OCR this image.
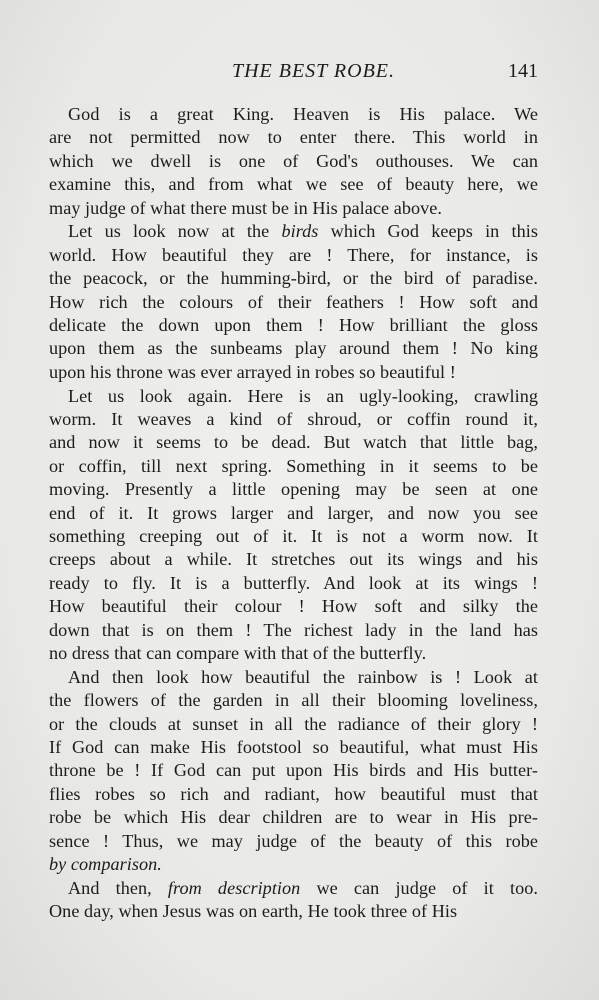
THE BEST ROBE.	141
God is a great King. Heaven is His palace. We
are not permitted now to enter there. This world in
which we dwell is one of God's outhouses. We can
examine this, and from what we see of beauty here, we
may judge of what there must be in His palace above.
Let us look now at the birds which God keeps in this
world. How beautiful they are ! There, for instance, is
the peacock, or the humming-bird, or the bird of paradise.
How rich the colours of their feathers ! How soft and
delicate the down upon them ! How brilliant the gloss
upon them as the sunbeams play around them ! No king
upon his throne was ever arrayed in robes so beautiful !
Let us look again. Here is an ugly-looking, crawling
worm. It weaves a kind of shroud, or coffin round it,
and now it seems to be dead. But watch that little bag,
or coffin, till next spring. Something in it seems to be
moving. Presently a little opening may be seen at one
end of it. It grows larger and larger, and now you see
something creeping out of it. It is not a worm now. It
creeps about a while. It stretches out its wings and his
ready to fly. It is a butterfly. And look at its wings !
How beautiful their colour ! How soft and silky the
down that is on them ! The richest lady in the land has
no dress that can compare with that of the butterfly.
And then look how beautiful the rainbow is ! Look at
the flowers of the garden in all their blooming loveliness,
or the clouds at sunset in all the radiance of their glory !
If God can make His footstool so beautiful, what must His
throne be ! If God can put upon His birds and His butter-
flies robes so rich and radiant, how beautiful must that
robe be which His dear children are to wear in His pre-
sence ! Thus, we may judge of the beauty of this robe
by comparison.
And then, from description we can judge of it too.
One day, when Jesus was on earth, He took three of His
